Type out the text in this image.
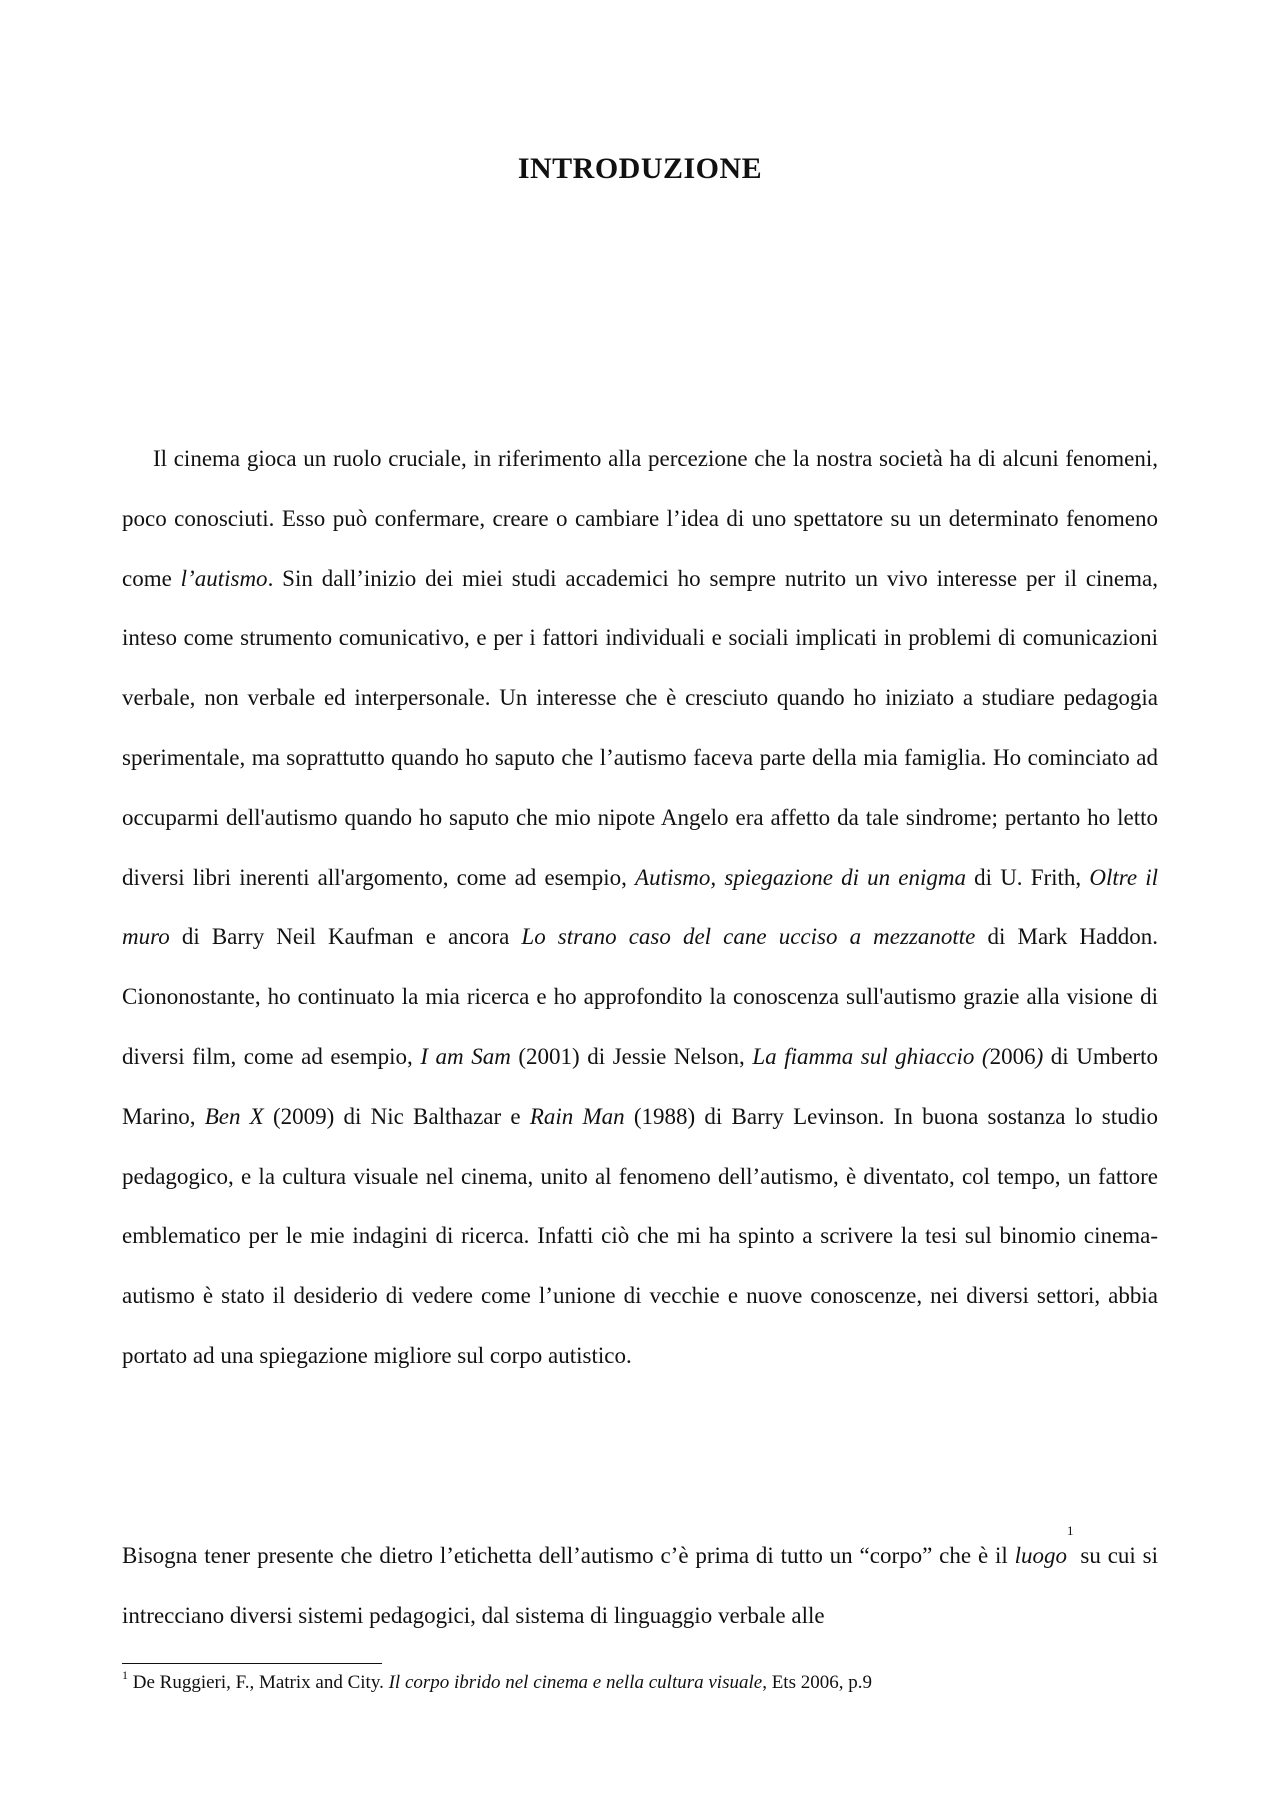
INTRODUZIONE

Il cinema gioca un ruolo cruciale, in riferimento alla percezione che la nostra società ha di alcuni fenomeni, poco conosciuti. Esso può confermare, creare o cambiare l’idea di uno spettatore su un determinato fenomeno come l’autismo. Sin dall’inizio dei miei studi accademici ho sempre nutrito un vivo interesse per il cinema, inteso come strumento comunicativo, e per i fattori individuali e sociali implicati in problemi di comunicazioni verbale, non verbale ed interpersonale. Un interesse che è cresciuto quando ho iniziato a studiare pedagogia sperimentale, ma soprattutto quando ho saputo che l’autismo faceva parte della mia famiglia. Ho cominciato ad occuparmi dell'autismo quando ho saputo che mio nipote Angelo era affetto da tale sindrome; pertanto ho letto diversi libri inerenti all'argomento, come ad esempio, Autismo, spiegazione di un enigma di U. Frith, Oltre il muro di Barry Neil Kaufman e ancora Lo strano caso del cane ucciso a mezzanotte di Mark Haddon. Ciononostante, ho continuato la mia ricerca e ho approfondito la conoscenza sull'autismo grazie alla visione di diversi film, come ad esempio, I am Sam (2001) di Jessie Nelson, La fiamma sul ghiaccio (2006) di Umberto Marino, Ben X (2009) di Nic Balthazar e Rain Man (1988) di Barry Levinson. In buona sostanza lo studio pedagogico, e la cultura visuale nel cinema, unito al fenomeno dell’autismo, è diventato, col tempo, un fattore emblematico per le mie indagini di ricerca. Infatti ciò che mi ha spinto a scrivere la tesi sul binomio cinema-autismo è stato il desiderio di vedere come l’unione di vecchie e nuove conoscenze, nei diversi settori, abbia portato ad una spiegazione migliore sul corpo autistico.

Bisogna tener presente che dietro l’etichetta dell’autismo c’è prima di tutto un “corpo” che è il luogo$^1$ su cui si intrecciano diversi sistemi pedagogici, dal sistema di linguaggio verbale alle

$^1$ De Ruggieri, F., Matrix and City. Il corpo ibrido nel cinema e nella cultura visuale, Ets 2006, p.9
